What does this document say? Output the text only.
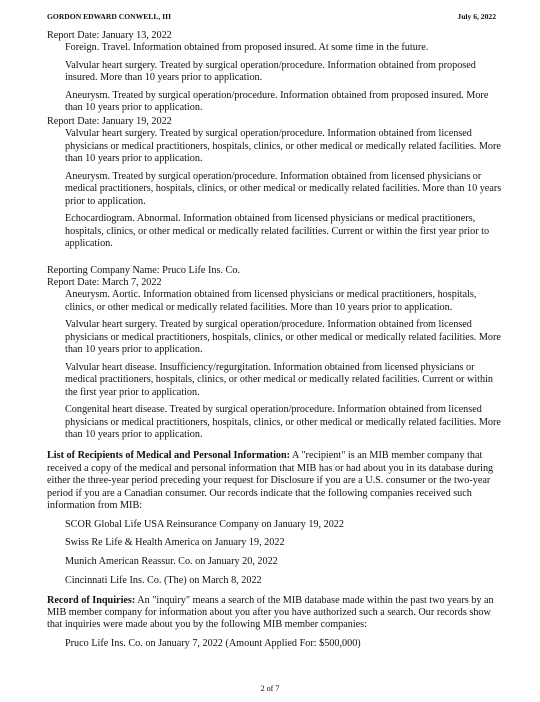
GORDON EDWARD CONWELL, III	July 6, 2022
Report Date: January 13, 2022
Foreign. Travel. Information obtained from proposed insured. At some time in the future.
Valvular heart surgery. Treated by surgical operation/procedure. Information obtained from proposed insured. More than 10 years prior to application.
Aneurysm. Treated by surgical operation/procedure. Information obtained from proposed insured. More than 10 years prior to application.
Report Date: January 19, 2022
Valvular heart surgery. Treated by surgical operation/procedure. Information obtained from licensed physicians or medical practitioners, hospitals, clinics, or other medical or medically related facilities. More than 10 years prior to application.
Aneurysm. Treated by surgical operation/procedure. Information obtained from licensed physicians or medical practitioners, hospitals, clinics, or other medical or medically related facilities. More than 10 years prior to application.
Echocardiogram. Abnormal. Information obtained from licensed physicians or medical practitioners, hospitals, clinics, or other medical or medically related facilities. Current or within the first year prior to application.
Reporting Company Name: Pruco Life Ins. Co.
Report Date: March 7, 2022
Aneurysm. Aortic. Information obtained from licensed physicians or medical practitioners, hospitals, clinics, or other medical or medically related facilities. More than 10 years prior to application.
Valvular heart surgery. Treated by surgical operation/procedure. Information obtained from licensed physicians or medical practitioners, hospitals, clinics, or other medical or medically related facilities. More than 10 years prior to application.
Valvular heart disease. Insufficiency/regurgitation. Information obtained from licensed physicians or medical practitioners, hospitals, clinics, or other medical or medically related facilities. Current or within the first year prior to application.
Congenital heart disease. Treated by surgical operation/procedure. Information obtained from licensed physicians or medical practitioners, hospitals, clinics, or other medical or medically related facilities. More than 10 years prior to application.
List of Recipients of Medical and Personal Information: A "recipient" is an MIB member company that received a copy of the medical and personal information that MIB has or had about you in its database during either the three-year period preceding your request for Disclosure if you are a U.S. consumer or the two-year period if you are a Canadian consumer. Our records indicate that the following companies received such information from MIB:
SCOR Global Life USA Reinsurance Company on January 19, 2022
Swiss Re Life & Health America on January 19, 2022
Munich American Reassur. Co. on January 20, 2022
Cincinnati Life Ins. Co. (The) on March 8, 2022
Record of Inquiries: An "inquiry" means a search of the MIB database made within the past two years by an MIB member company for information about you after you have authorized such a search. Our records show that inquiries were made about you by the following MIB member companies:
Pruco Life Ins. Co. on January 7, 2022 (Amount Applied For: $500,000)
2 of 7
